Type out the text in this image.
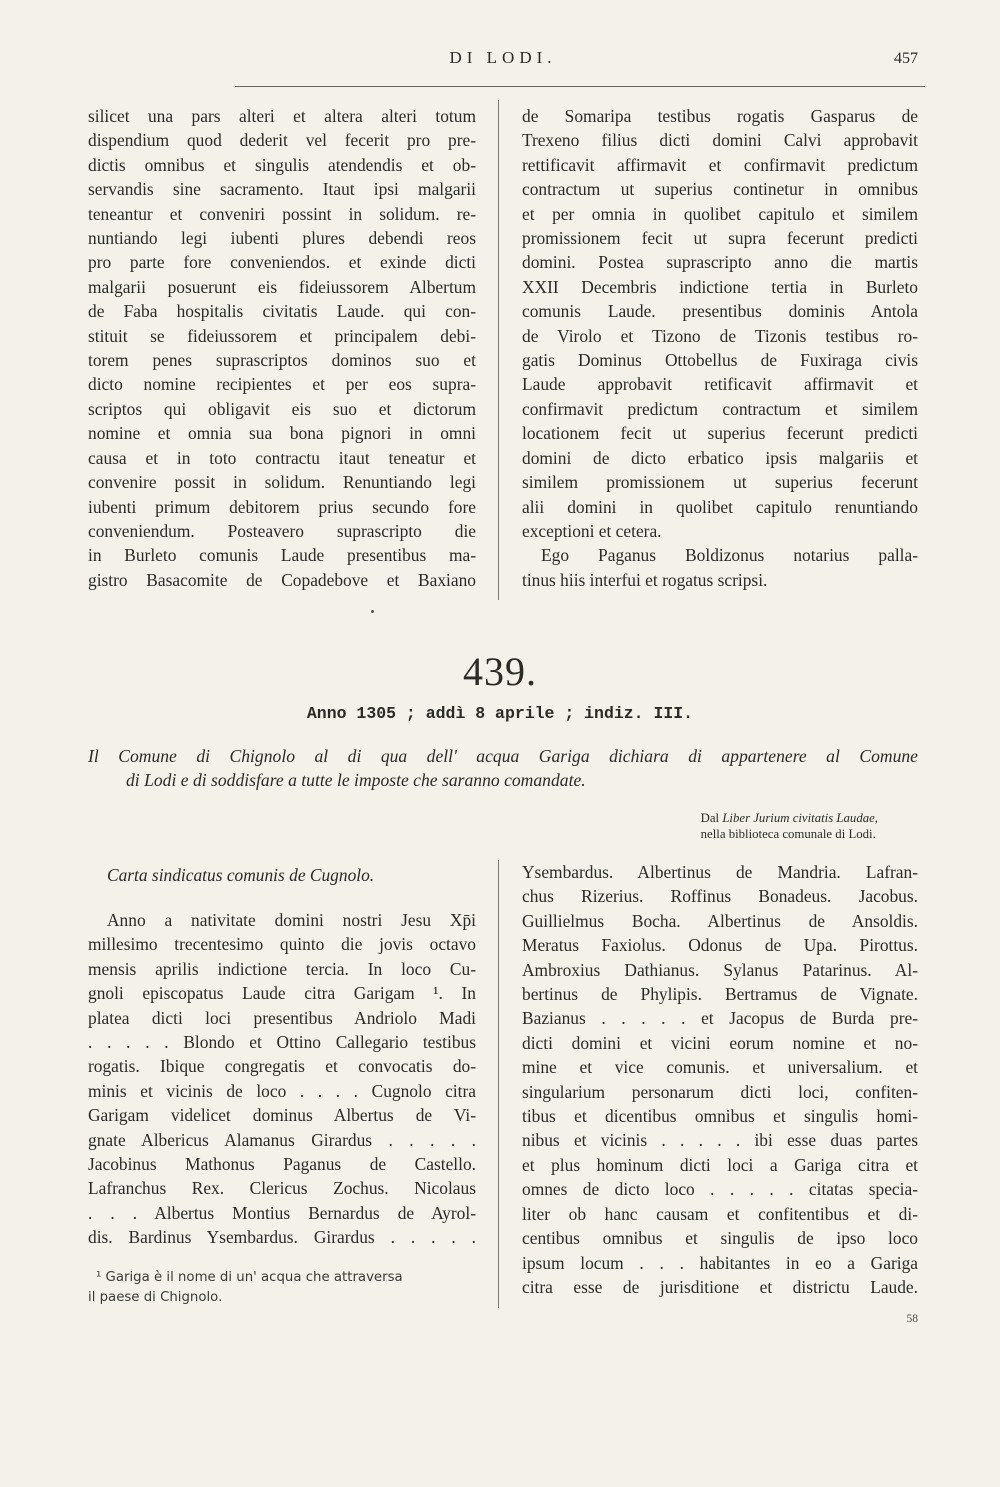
DI LODI.	457
silicet una pars alteri et altera alteri totum
dispendium quod dederit vel fecerit pro pre-
dictis omnibus et singulis atendendis et ob-
servandis sine sacramento. Itaut ipsi malgarii
teneantur et conveniri possint in solidum. re-
nuntiando legi iubenti plures debendi reos
pro parte fore conveniendos. et exinde dicti
malgarii posuerunt eis fideiussorem Albertum
de Faba hospitalis civitatis Laude. qui con-
stituit se fideiussorem et principalem debi-
torem penes suprascriptos dominos suo et
dicto nomine recipientes et per eos supra-
scriptos qui obligavit eis suo et dictorum
nomine et omnia sua bona pignori in omni
causa et in toto contractu itaut teneatur et
convenire possit in solidum. Renuntiando legi
iubenti primum debitorem prius secundo fore
conveniendum. Posteavero suprascripto die
in Burleto comunis Laude presentibus ma-
gistro Basacomite de Copadebove et Baxiano
de Somaripa testibus rogatis Gasparus de
Trexeno filius dicti domini Calvi approbavit
rettificavit affirmavit et confirmavit predictum
contractum ut superius continetur in omnibus
et per omnia in quolibet capitulo et similem
promissionem fecit ut supra fecerunt predicti
domini. Postea suprascripto anno die martis
XXII Decembris indictione tertia in Burleto
comunis Laude. presentibus dominis Antola
de Virolo et Tizono de Tizonis testibus ro-
gatis Dominus Ottobellus de Fuxiraga civis
Laude approbavit retificavit affirmavit et
confirmavit predictum contractum et similem
locationem fecit ut superius fecerunt predicti
domini de dicto erbatico ipsis malgariis et
similem promissionem ut superius fecerunt
alii domini in quolibet capitulo renuntiando
exceptioni et cetera.
Ego Paganus Boldizonus notarius palla-
tinus hiis interfui et rogatus scripsi.
439.
Anno 1305 ; addì 8 aprile ; indiz. III.
Il Comune di Chignolo al di qua dell' acqua Gariga dichiara di appartenere al Comune
di Lodi e di soddisfare a tutte le imposte che saranno comandate.
Dal Liber Jurium civitatis Laudae,
nella biblioteca comunale di Lodi.
Carta sindicatus comunis de Cugnolo.
Anno a nativitate domini nostri Jesu Xp̄i
millesimo trecentesimo quinto die jovis octavo
mensis aprilis indictione tercia. In loco Cu-
gnoli episcopatus Laude citra Garigam ¹. In
platea dicti loci presentibus Andriolo Madi
. . . . . Blondo et Ottino Callegario testibus
rogatis. Ibique congregatis et convocatis do-
minis et vicinis de loco . . . . Cugnolo citra
Garigam videlicet dominus Albertus de Vi-
gnate Albericus Alamanus Girardus . . . . .
Jacobinus Mathonus Paganus de Castello.
Lafranchus Rex. Clericus Zochus. Nicolaus
. . . Albertus Montius Bernardus de Ayrol-
dis. Bardinus Ysembardus. Girardus . . . . .
Ysembardus. Albertinus de Mandria. Lafran-
chus Rizerius. Roffinus Bonadeus. Jacobus.
Guillielmus Bocha. Albertinus de Ansoldis.
Meratus Faxiolus. Odonus de Upa. Pirottus.
Ambroxius Dathianus. Sylanus Patarinus. Al-
bertinus de Phylipis. Bertramus de Vignate.
Bazianus . . . . . et Jacopus de Burda pre-
dicti domini et vicini eorum nomine et no-
mine et vice comunis. et universalium. et
singularium personarum dicti loci, confiten-
tibus et dicentibus omnibus et singulis homi-
nibus et vicinis . . . . . ibi esse duas partes
et plus hominum dicti loci a Gariga citra et
omnes de dicto loco . . . . . citatas specia-
liter ob hanc causam et confitentibus et di-
centibus omnibus et singulis de ipso loco
ipsum locum . . . habitantes in eo a Gariga
citra esse de jurisditione et districtu Laude.
¹ Gariga è il nome di un' acqua che attraversa
il paese di Chignolo.
58
